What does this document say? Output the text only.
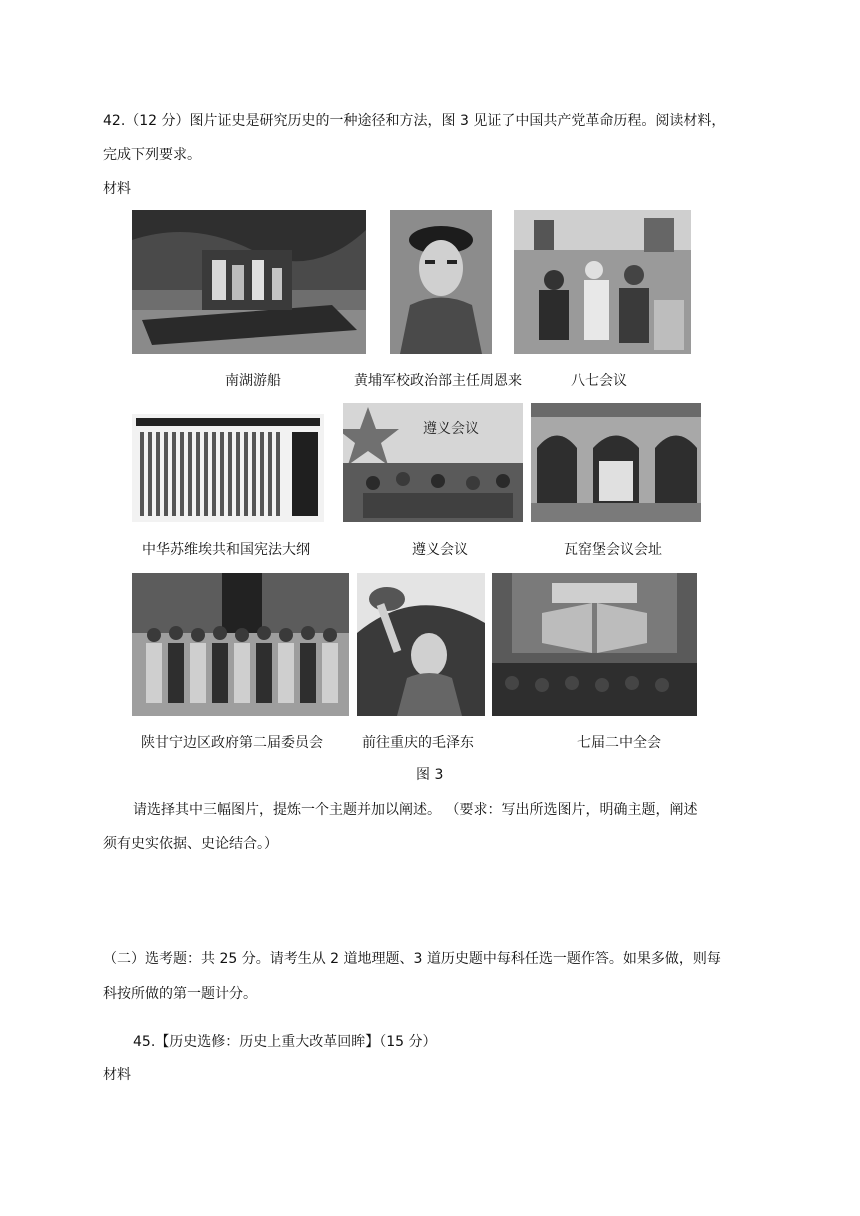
42.（12 分）图片证史是研究历史的一种途径和方法，图 3 见证了中国共产党革命历程。阅读材料，
完成下列要求。
材料
南湖游船	黄埔军校政治部主任周恩来	八七会议
遵义会议
中华苏维埃共和国宪法大纲	遵义会议	瓦窑堡会议会址
陕甘宁边区政府第二届委员会	前往重庆的毛泽东	七届二中全会
图 3
请选择其中三幅图片，提炼一个主题并加以阐述。 （要求：写出所选图片，明确主题，阐述
须有史实依据、史论结合。）
（二）选考题：共 25 分。请考生从 2 道地理题、3 道历史题中每科任选一题作答。如果多做，则每
科按所做的第一题计分。
45.【历史选修：历史上重大改革回眸】（15 分）
材料
